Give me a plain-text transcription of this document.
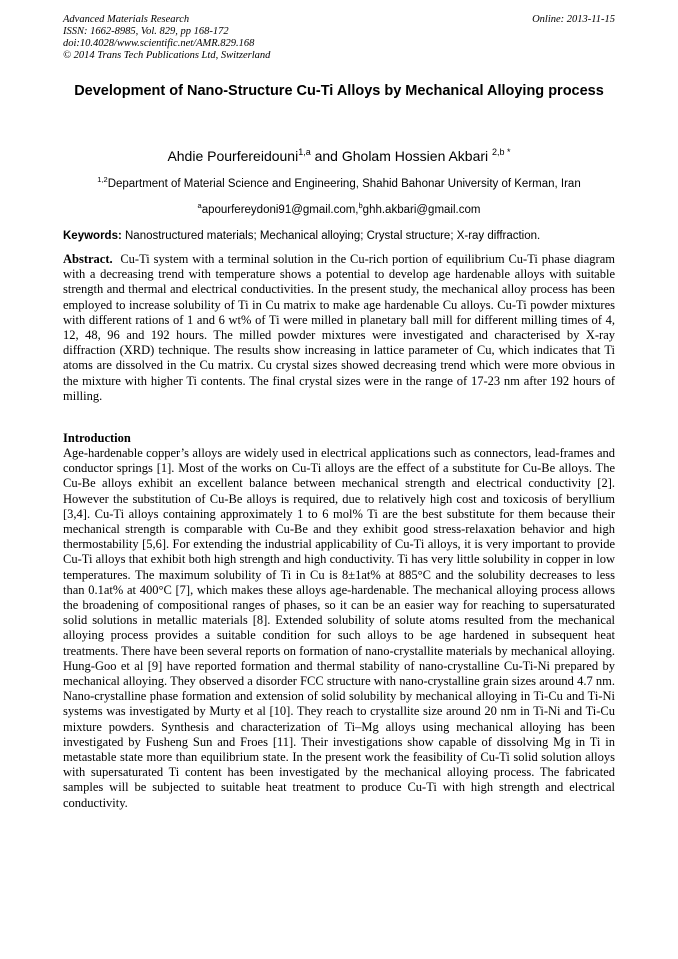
Advanced Materials Research
ISSN: 1662-8985, Vol. 829, pp 168-172
doi:10.4028/www.scientific.net/AMR.829.168
© 2014 Trans Tech Publications Ltd, Switzerland
Online: 2013-11-15
Development of Nano-Structure Cu-Ti Alloys by Mechanical Alloying process
Ahdie Pourfereidouni$^{1,a}$ and Gholam Hossien Akbari $^{2,b *}$
$^{1,2}$Department of Material Science and Engineering, Shahid Bahonar University of Kerman, Iran
$^a$apourfereydoni91@gmail.com,$^b$ghh.akbari@gmail.com
Keywords: Nanostructured materials; Mechanical alloying; Crystal structure; X-ray diffraction.
Abstract.  Cu-Ti system with a terminal solution in the Cu-rich portion of equilibrium Cu-Ti phase diagram with a decreasing trend with temperature shows a potential to develop age hardenable alloys with suitable strength and thermal and electrical conductivities. In the present study, the mechanical alloy process has been employed to increase solubility of Ti in Cu matrix to make age hardenable Cu alloys. Cu-Ti powder mixtures with different rations of 1 and 6 wt% of Ti were milled in planetary ball mill for different milling times of 4, 12, 48, 96 and 192 hours. The milled powder mixtures were investigated and characterised by X-ray diffraction (XRD) technique. The results show increasing in lattice parameter of Cu, which indicates that Ti atoms are dissolved in the Cu matrix. Cu crystal sizes showed decreasing trend which were more obvious in the mixture with higher Ti contents. The final crystal sizes were in the range of 17-23 nm after 192 hours of milling.
Introduction
Age-hardenable copper’s alloys are widely used in electrical applications such as connectors, lead-frames and conductor springs [1]. Most of the works on Cu-Ti alloys are the effect of a substitute for Cu-Be alloys. The Cu-Be alloys exhibit an excellent balance between mechanical strength and electrical conductivity [2]. However the substitution of Cu-Be alloys is required, due to relatively high cost and toxicosis of beryllium [3,4]. Cu-Ti alloys containing approximately 1 to 6 mol% Ti are the best substitute for them because their mechanical strength is comparable with Cu-Be and they exhibit good stress-relaxation behavior and high thermostability [5,6]. For extending the industrial applicability of Cu-Ti alloys, it is very important to provide Cu-Ti alloys that exhibit both high strength and high conductivity. Ti has very little solubility in copper in low temperatures. The maximum solubility of Ti in Cu is 8±1at% at 885°C and the solubility decreases to less than 0.1at% at 400°C [7], which makes these alloys age-hardenable. The mechanical alloying process allows the broadening of compositional ranges of phases, so it can be an easier way for reaching to supersaturated solid solutions in metallic materials [8]. Extended solubility of solute atoms resulted from the mechanical alloying process provides a suitable condition for such alloys to be age hardened in subsequent heat treatments. There have been several reports on formation of nano-crystallite materials by mechanical alloying. Hung-Goo et al [9] have reported formation and thermal stability of nano-crystalline Cu-Ti-Ni prepared by mechanical alloying. They observed a disorder FCC structure with nano-crystalline grain sizes around 4.7 nm. Nano-crystalline phase formation and extension of solid solubility by mechanical alloying in Ti-Cu and Ti-Ni systems was investigated by Murty et al [10]. They reach to crystallite size around 20 nm in Ti-Ni and Ti-Cu mixture powders. Synthesis and characterization of Ti–Mg alloys using mechanical alloying has been investigated by Fusheng Sun and Froes [11]. Their investigations show capable of dissolving Mg in Ti in metastable state more than equilibrium state. In the present work the feasibility of Cu-Ti solid solution alloys with supersaturated Ti content has been investigated by the mechanical alloying process. The fabricated samples will be subjected to suitable heat treatment to produce Cu-Ti with high strength and electrical conductivity.
